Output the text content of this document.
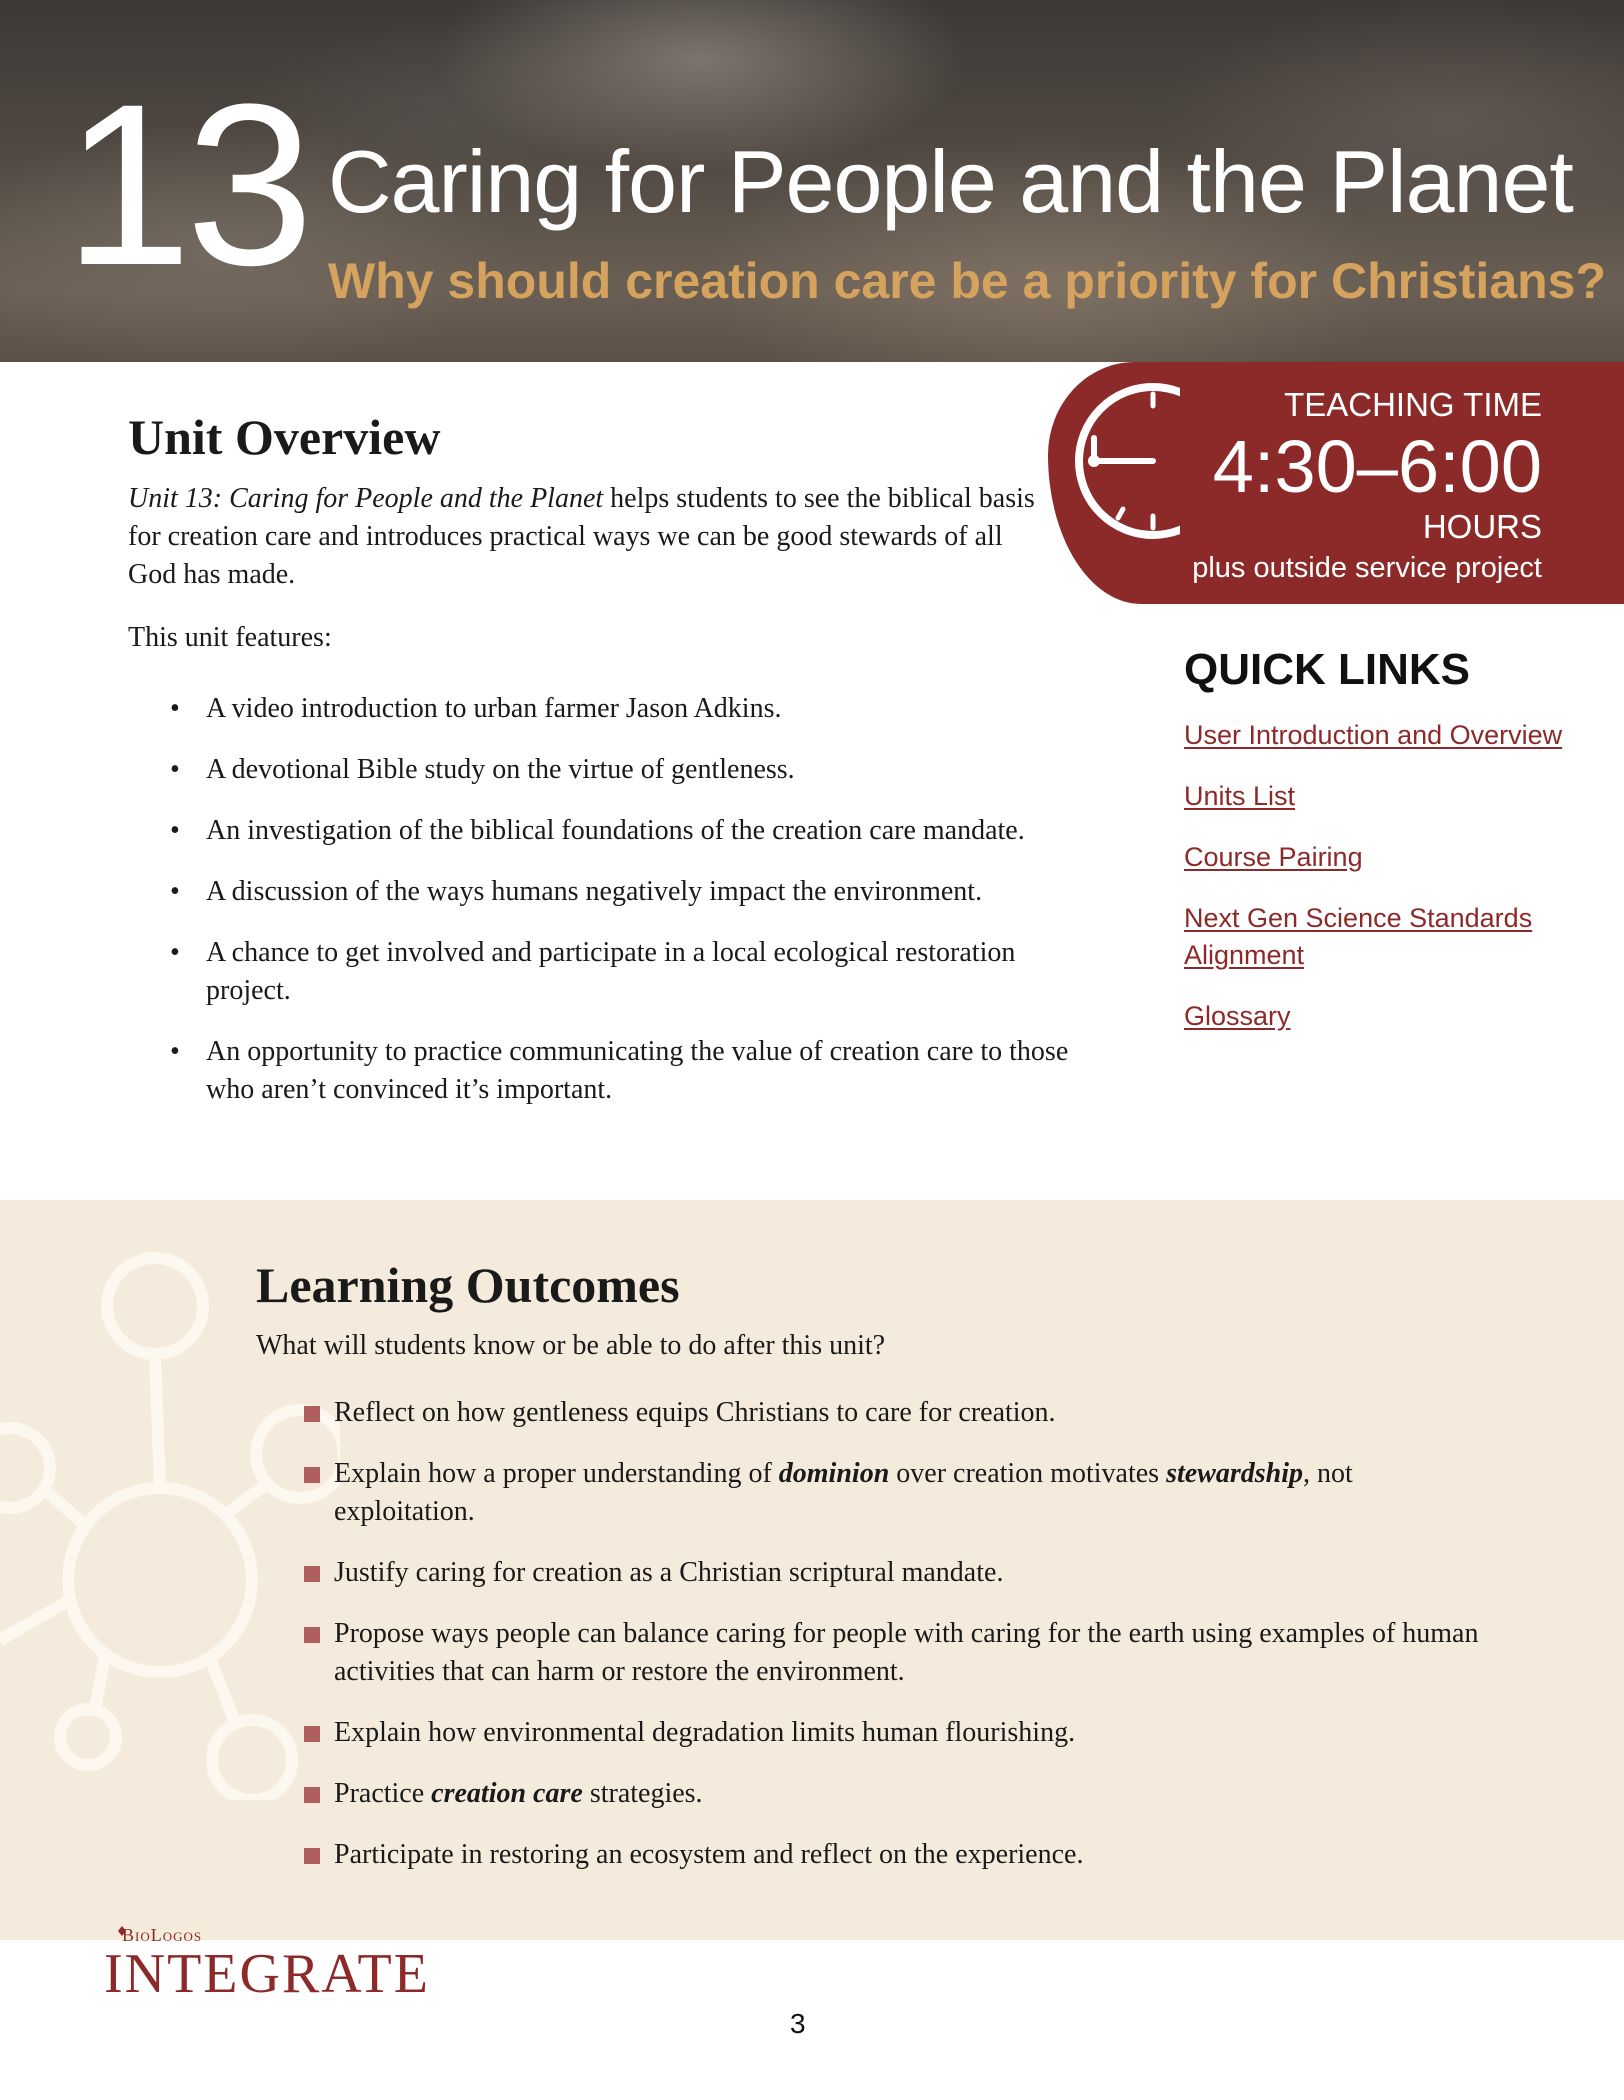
13 Caring for People and the Planet
Why should creation care be a priority for Christians?
TEACHING TIME
4:30–6:00
HOURS
plus outside service project
Unit Overview

Unit 13: Caring for People and the Planet helps students to see the biblical basis for creation care and introduces practical ways we can be good stewards of all God has made.

This unit features:

• A video introduction to urban farmer Jason Adkins.
• A devotional Bible study on the virtue of gentleness.
• An investigation of the biblical foundations of the creation care mandate.
• A discussion of the ways humans negatively impact the environment.
• A chance to get involved and participate in a local ecological restoration project.
• An opportunity to practice communicating the value of creation care to those who aren’t convinced it’s important.
QUICK LINKS
User Introduction and Overview
Units List
Course Pairing
Next Gen Science Standards Alignment
Glossary
Learning Outcomes

What will students know or be able to do after this unit?

Reflect on how gentleness equips Christians to care for creation.
Explain how a proper understanding of dominion over creation motivates stewardship, not exploitation.
Justify caring for creation as a Christian scriptural mandate.
Propose ways people can balance caring for people with caring for the earth using examples of human activities that can harm or restore the environment.
Explain how environmental degradation limits human flourishing.
Practice creation care strategies.
Participate in restoring an ecosystem and reflect on the experience.
BioLogos
INTEGRATE
3
